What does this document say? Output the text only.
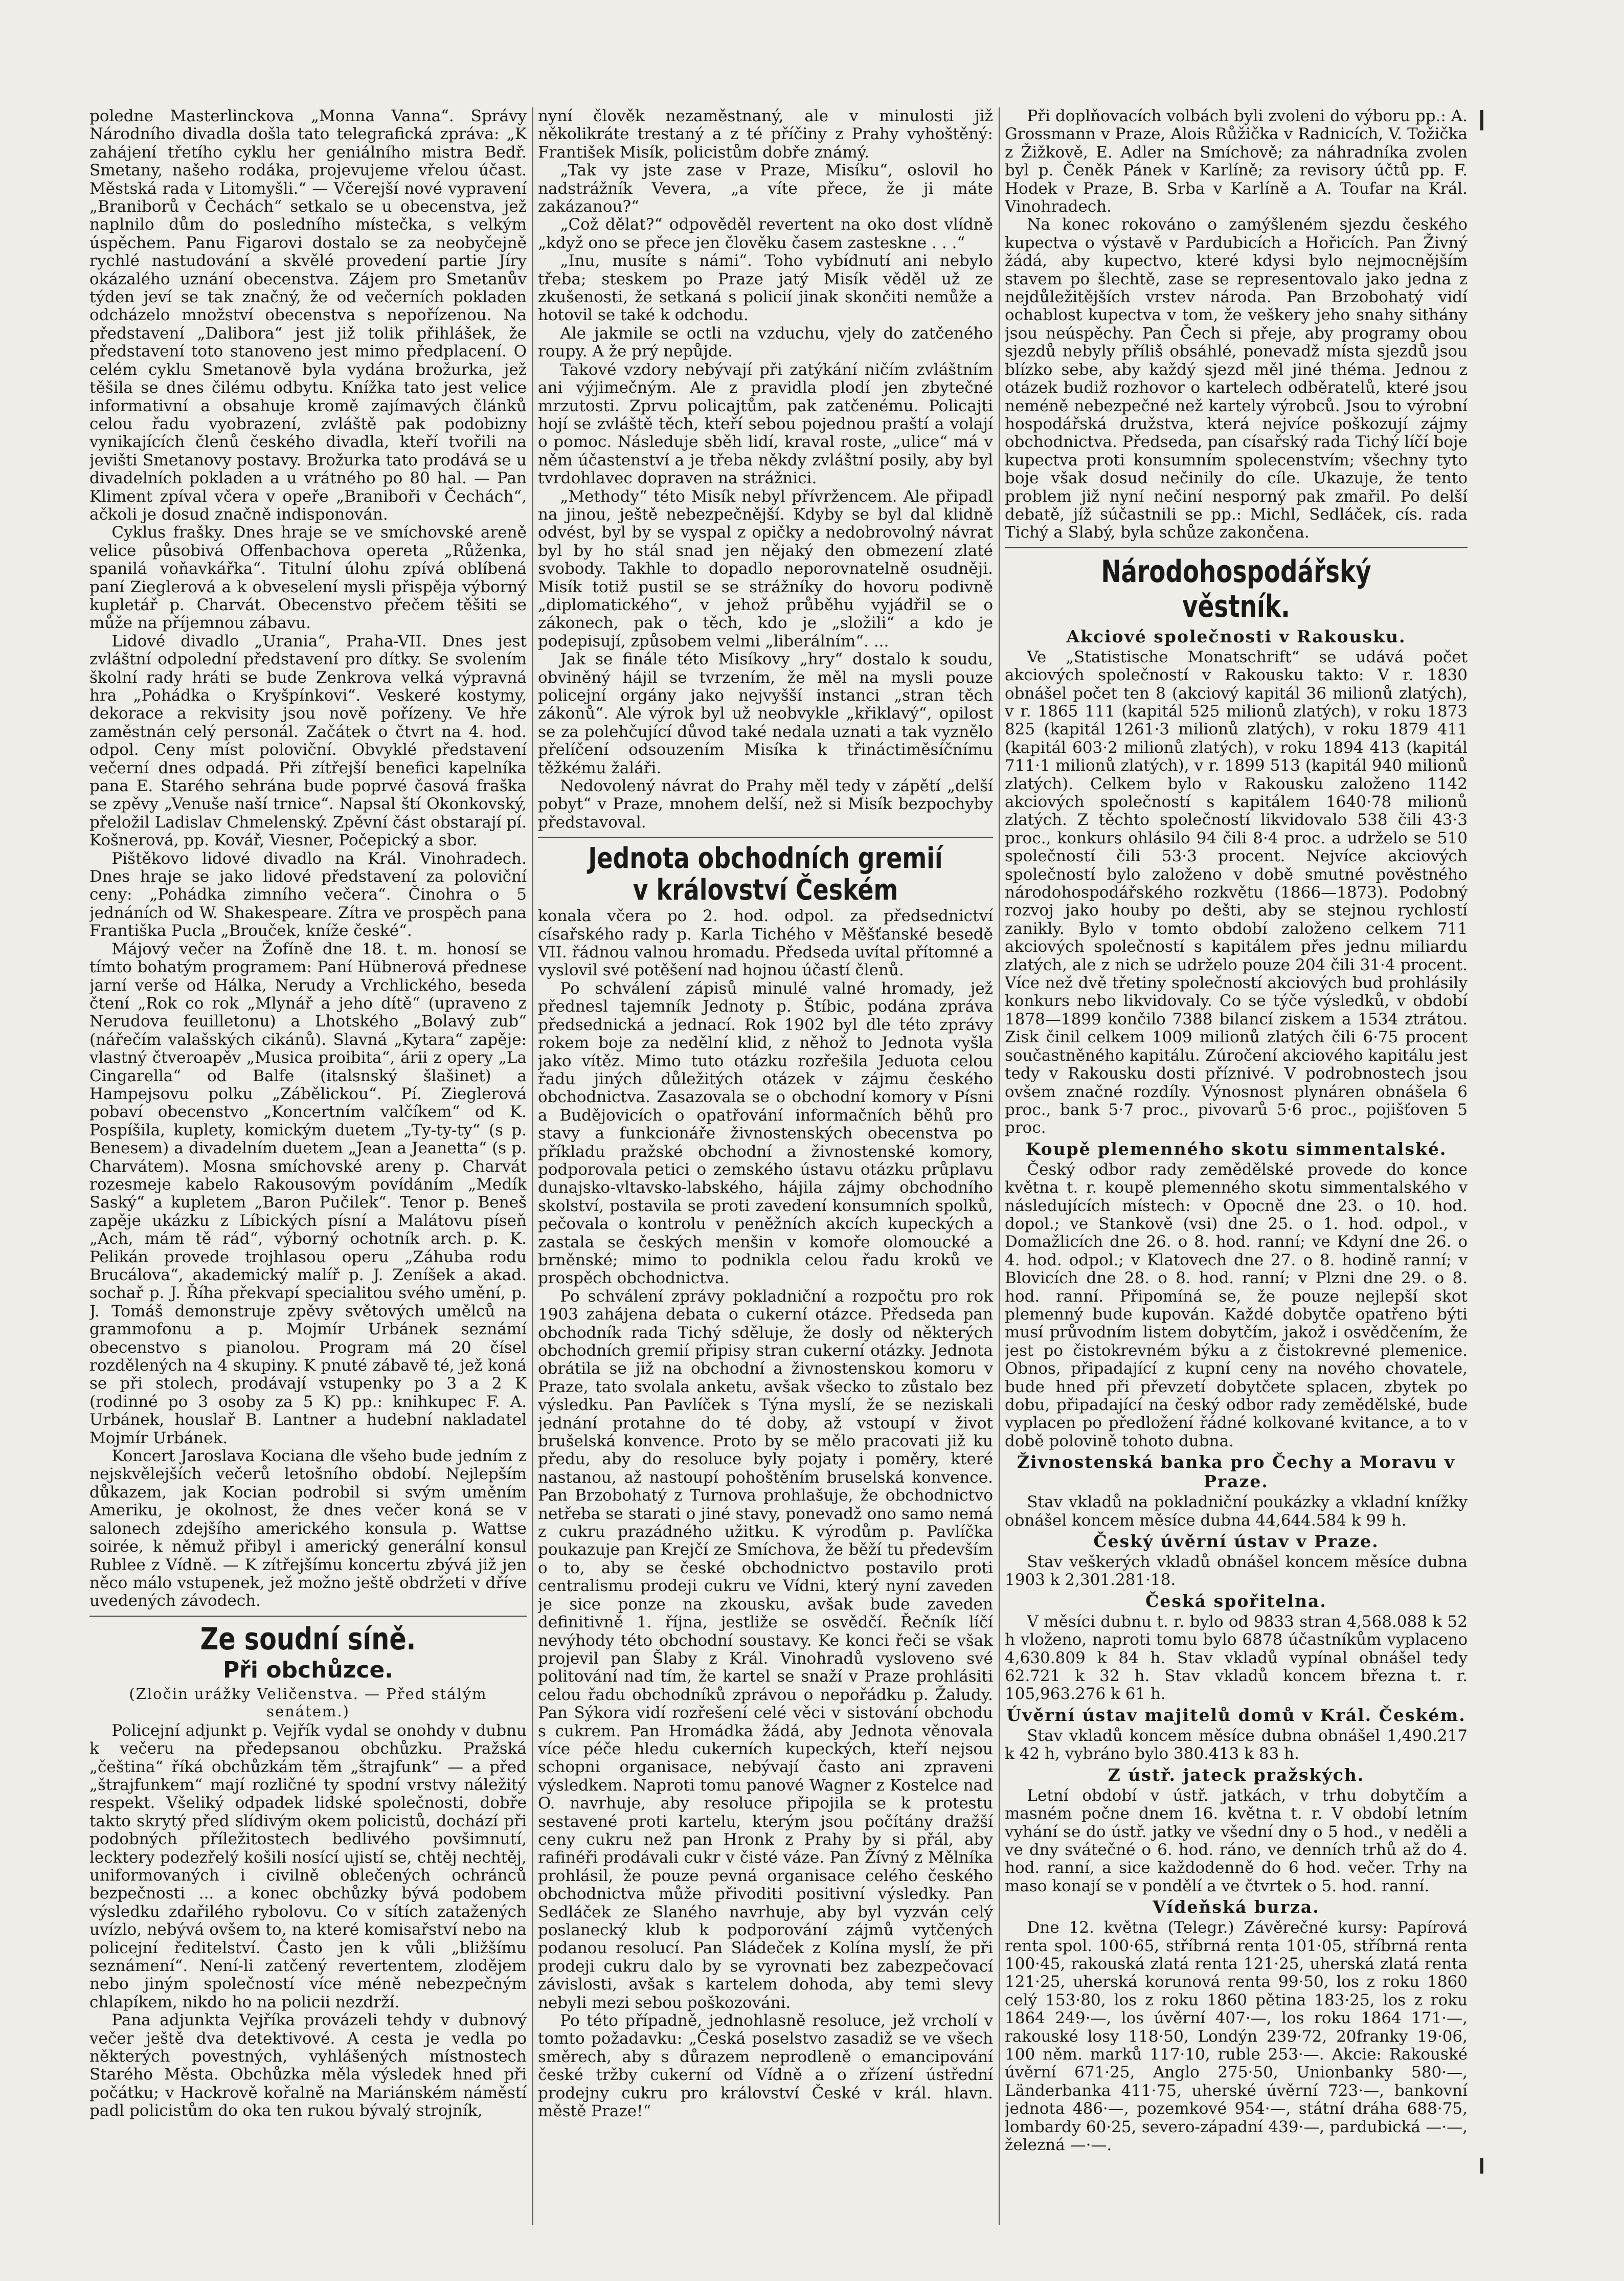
poledne Masterlinckova „Monna Vanna“. Správy Národního divadla došla tato telegrafická zpráva: „K zahájení třetího cyklu her geniálního mistra Bedř. Smetany, našeho rodáka, projevujeme vřelou účast. Městská rada v Litomyšli.“ — Včerejší nové vypravení „Braniborů v Čechách“ setkalo se u obecenstva, jež naplnilo dům do posledního místečka, s velkým úspěchem. Panu Figarovi dostalo se za neobyčejně rychlé nastudování a skvělé provedení partie Jíry okázalého uznání obecenstva. Zájem pro Smetanův týden jeví se tak značný, že od večerních pokladen odcházelo množství obecenstva s nepořízenou. Na představení „Dalibora“ jest již tolik přihlášek, že představení toto stanoveno jest mimo předplacení. O celém cyklu Smetanově byla vydána brožurka, jež těšila se dnes čilému odbytu. Knížka tato jest velice informativní a obsahuje kromě zajímavých článků celou řadu vyobrazení, zvláště pak podobizny vynikajících členů českého divadla, kteří tvořili na jevišti Smetanovy postavy. Brožurka tato prodává se u divadelních pokladen a u vrátného po 80 hal. — Pan Kliment zpíval včera v opeře „Braniboři v Čechách“, ačkoli je dosud značně indisponován.

Cyklus frašky. Dnes hraje se ve smíchovské areně velice působivá Offenbachova opereta „Růženka, spanilá voňavkářka“. Titulní úlohu zpívá oblíbená paní Zieglerová a k obveselení mysli přispěja výborný kupletář p. Charvát. Obecenstvo přečem těšiti se může na příjemnou zábavu.

Lidové divadlo „Urania“, Praha-VII. Dnes jest zvláštní odpolední představení pro dítky. Se svolením školní rady hráti se bude Zenkrova velká výpravná hra „Pohádka o Kryšpínkovi“. Veskeré kostymy, dekorace a rekvisity jsou nově pořízeny. Ve hře zaměstnán celý personál. Začátek o čtvrt na 4. hod. odpol. Ceny míst poloviční. Obvyklé představení večerní dnes odpadá. Při zítřejší benefici kapelníka pana E. Starého sehrána bude poprvé časová fraška se zpěvy „Venuše naší trnice“. Napsal ští Okonkovský, přeložil Ladislav Chmelenský. Zpěvní část obstarají pí. Košnerová, pp. Kovář, Viesner, Počepický a sbor.

Pištěkovo lidové divadlo na Král. Vinohradech. Dnes hraje se jako lidové představení za poloviční ceny: „Pohádka zimního večera“. Činohra o 5 jednáních od W. Shakespeare. Zítra ve prospěch pana Františka Pucla „Brouček, kníže české“.

Májový večer na Žofíně dne 18. t. m. honosí se tímto bohatým programem: Paní Hübnerová přednese jarní verše od Hálka, Nerudy a Vrchlického, beseda čtení „Rok co rok „Mlynář a jeho dítě“ (upraveno z Nerudova feuilletonu) a Lhotského „Bolavý zub“ (nářečím valašských cikánů). Slavná „Kytara“ zapěje: vlastný čtveroapěv „Musica proibita“, árii z opery „La Cingarella“ od Balfe (italsnský šlašinet) a Hampejsovu polku „Zábělickou“. Pí. Zieglerová pobaví obecenstvo „Koncertním valčíkem“ od K. Pospíšila, kuplety, komickým duetem „Ty-ty-ty“ (s p. Benesem) a divadelním duetem „Jean a Jeanetta“ (s p. Charvátem). Mosna smíchovské areny p. Charvát rozesmeje kabelo Rakousovým povídáním „Medík Saský“ a kupletem „Baron Pučilek“. Tenor p. Beneš zapěje ukázku z Líbických písní a Malátovu píseň „Ach, mám tě rád“, výborný ochotník arch. p. K. Pelikán provede trojhlasou operu „Záhuba rodu Brucálova“, akademický malíř p. J. Zeníšek a akad. sochař p. J. Říha překvapí specialitou svého umění, p. J. Tomáš demonstruje zpěvy světových umělců na grammofonu a p. Mojmír Urbánek seznámí obecenstvo s pianolou. Program má 20 čísel rozdělených na 4 skupiny. K pnuté zábavě té, jež koná se při stolech, prodávají vstupenky po 3 a 2 K (rodinné po 3 osoby za 5 K) pp.: knihkupec F. A. Urbánek, houslař B. Lantner a hudební nakladatel Mojmír Urbánek.

Koncert Jaroslava Kociana dle všeho bude jedním z nejskvělejších večerů letošního období. Nejlepším důkazem, jak Kocian podrobil si svým uměním Ameriku, je okolnost, že dnes večer koná se v salonech zdejšího amerického konsula p. Wattse soirée, k němuž přibyl i americký generální konsul Rublee z Vídně. — K zítřejšímu koncertu zbývá již jen něco málo vstupenek, jež možno ještě obdržeti v dříve uvedených závodech.

Ze soudní síně.
Při obchůzce.
(Zločin urážky Veličenstva. — Před stálým senátem.)

Policejní adjunkt p. Vejřík vydal se onohdy v dubnu k večeru na předepsanou obchůzku. Pražská „čeština“ říká obchůzkám těm „štrajfunk“ — a před „štrajfunkem“ mají rozličné ty spodní vrstvy náležitý respekt. Všeliký odpadek lidské společnosti, dobře takto skrytý před slídivým okem policistů, dochází při podobných příležitostech bedlivého povšimnutí, lecktery podezřelý košili nosící ujistí se, chtěj nechtěj, uniformovaných i civilně oblečených ochránců bezpečnosti ... a konec obchůzky bývá podobem výsledku zdařilého rybolovu. Co v sítích zatažených uvízlo, nebývá ovšem to, na které komisařství nebo na policejní ředitelství. Často jen k vůli „bližšímu seznámení“. Není-li zatčený revertentem, zlodějem nebo jiným společností více méně nebezpečným chlapíkem, nikdo ho na policii nezdrží.

Pana adjunkta Vejříka provázeli tehdy v dubnový večer ještě dva detektivové. A cesta je vedla po některých povestných, vyhlášených místnostech Starého Města. Obchůzka měla výsledek hned při počátku; v Hackrově kořalně na Mariánském náměstí padl policistům do oka ten rukou bývalý strojník,

nyní člověk nezaměstnaný, ale v minulosti již několikráte trestaný a z té příčiny z Prahy vyhoštěný: František Misík, policistům dobře známý.

„Tak vy jste zase v Praze, Misíku“, oslovil ho nadstrážník Vevera, „a víte přece, že ji máte zakázanou?“

„Což dělat?“ odpověděl revertent na oko dost vlídně „když ono se přece jen člověku časem zasteskne . . .“

„Inu, musíte s námi“. Toho vybídnutí ani nebylo třeba; steskem po Praze jatý Misík věděl už ze zkušenosti, že setkaná s policií jinak skončiti nemůže a hotovil se také k odchodu.

Ale jakmile se octli na vzduchu, vjely do zatčeného roupy. A že prý nepůjde.

Takové vzdory nebývají při zatýkání ničím zvláštním ani výjimečným. Ale z pravidla plodí jen zbytečné mrzutosti. Zprvu policajtům, pak zatčenému. Policajti hojí se zvláště těch, kteří sebou pojednou praští a volají o pomoc. Následuje sběh lidí, kraval roste, „ulice“ má v něm účastenství a je třeba někdy zvláštní posily, aby byl tvrdohlavec dopraven na strážnici.

„Methody“ této Misík nebyl přívržencem. Ale připadl na jinou, ještě nebezpečnější. Kdyby se byl dal klidně odvést, byl by se vyspal z opičky a nedobrovolný návrat byl by ho stál snad jen nějaký den obmezení zlaté svobody. Takhle to dopadlo neporovnatelně osudněji. Misík totiž pustil se se strážníky do hovoru podivně „diplomatického“, v jehož průběhu vyjádřil se o zákonech, pak o těch, kdo je „složili“ a kdo je podepisují, způsobem velmi „liberálním“. ...

Jak se finále této Misíkovy „hry“ dostalo k soudu, obviněný hájil se tvrzením, že měl na mysli pouze policejní orgány jako nejvyšší instanci „stran těch zákonů“. Ale výrok byl už neobvykle „křiklavý“, opilost se za polehčující důvod také nedala uznati a tak vyznělo přelíčení odsouzením Misíka k třináctiměsíčnímu těžkému žaláři.

Nedovolený návrat do Prahy měl tedy v zápětí „delší pobyt“ v Praze, mnohem delší, než si Misík bezpochyby představoval.

Jednota obchodních gremií v království Českém

konala včera po 2. hod. odpol. za předsednictví císařského rady p. Karla Tichého v Měšťanské besedě VII. řádnou valnou hromadu. Předseda uvítal přítomné a vyslovil své potěšení nad hojnou účastí členů.

Po schválení zápisů minulé valné hromady, jež přednesl tajemník Jednoty p. Štíbic, podána zpráva předsednická a jednací. Rok 1902 byl dle této zprávy rokem boje za nedělní klid, z něhož to Jednota vyšla jako vítěz. Mimo tuto otázku rozřešila Jeduota celou řadu jiných důležitých otázek v zájmu českého obchodnictva. Zasazovala se o obchodní komory v Písni a Budějovicích o opatřování informačních běhů pro stavy a funkcionáře živnostenských obecenstva po příkladu pražské obchodní a živnostenské komory, podporovala petici o zemského ústavu otázku průplavu dunajsko-vltavsko-labského, hájila zájmy obchodního skolství, postavila se proti zavedení konsumních spolků, pečovala o kontrolu v peněžních akcích kupeckých a zastala se českých menšin v komoře olomoucké a brněnské; mimo to podnikla celou řadu kroků ve prospěch obchodnictva.

Po schválení zprávy pokladniční a rozpočtu pro rok 1903 zahájena debata o cukerní otázce. Předseda pan obchodník rada Tichý sděluje, že dosly od některých obchodních gremií připisy stran cukerní otázky. Jednota obrátila se již na obchodní a živnostenskou komoru v Praze, tato svolala anketu, avšak všecko to zůstalo bez výsledku. Pan Pavlíček s Týna myslí, že se neziskali jednání protahne do té doby, až vstoupí v život brušelská konvence. Proto by se mělo pracovati již ku předu, aby do resoluce byly pojaty i poměry, které nastanou, až nastoupí pohoštěním bruselská konvence. Pan Brzobohatý z Turnova prohlašuje, že obchodnictvo netřeba se starati o jiné stavy, ponevadž ono samo nemá z cukru prazádného užitku. K výrodům p. Pavlíčka poukazuje pan Krejčí ze Smíchova, že běží tu především o to, aby se české obchodnictvo postavilo proti centralismu prodeji cukru ve Vídni, který nyní zaveden je sice ponze na zkousku, avšak bude zaveden definitivně 1. října, jestliže se osvědčí. Řečník líčí nevýhody této obchodní soustavy. Ke konci řeči se však projevil pan Šlaby z Král. Vinohradů vysloveno své politování nad tím, že kartel se snaží v Praze prohlásiti celou řadu obchodníků zprávou o nepořádku p. Žaludy. Pan Sýkora vidí rozřešení celé věci v sistování obchodu s cukrem. Pan Hromádka žádá, aby Jednota věnovala více péče hledu cukerních kupeckých, kteří nejsou schopni organisace, nebývají často ani zpraveni výsledkem. Naproti tomu panové Wagner z Kostelce nad O. navrhuje, aby resoluce připojila se k protestu sestavené proti kartelu, kterým jsou počítány dražší ceny cukru než pan Hronk z Prahy by si přál, aby rafinéři prodávali cukr v čisté váze. Pan Žívný z Mělníka prohlásil, že pouze pevná organisace celého českého obchodnictva může přivoditi positivní výsledky. Pan Sedláček ze Slaného navrhuje, aby byl vyzván celý poslanecký klub k podporování zájmů vytčených podanou resolucí. Pan Sládeček z Kolína myslí, že při prodeji cukru dalo by se vyrovnati bez zabezpečovací závislosti, avšak s kartelem dohoda, aby temi slevy nebyli mezi sebou poškozováni.

Po této případně, jednohlasně resoluce, jež vrcholí v tomto požadavku: „Česká poselstvo zasadiž se ve všech směrech, aby s důrazem neprodleně o emancipování české tržby cukerní od Vídně a o zřízení ústřední prodejny cukru pro království České v král. hlavn. městě Praze!“

Při doplňovacích volbách byli zvoleni do výboru pp.: A. Grossmann v Praze, Alois Růžička v Radnicích, V. Tožička z Žižkově, E. Adler na Smíchově; za náhradníka zvolen byl p. Čeněk Pánek v Karlíně; za revisory účtů pp. F. Hodek v Praze, B. Srba v Karlíně a A. Toufar na Král. Vinohradech.

Na konec rokováno o zamýšleném sjezdu českého kupectva o výstavě v Pardubicích a Hořicích. Pan Živný žádá, aby kupectvo, které kdysi bylo nejmocnějším stavem po šlechtě, zase se representovalo jako jedna z nejdůležitějších vrstev národa. Pan Brzobohatý vidí ochablost kupectva v tom, že veškery jeho snahy sithány jsou neúspěchy. Pan Čech si přeje, aby programy obou sjezdů nebyly příliš obsáhlé, ponevadž místa sjezdů jsou blízko sebe, aby každý sjezd měl jiné théma. Jednou z otázek budiž rozhovor o kartelech odběratelů, které jsou neméně nebezpečné než kartely výrobců. Jsou to výrobní hospodářská družstva, která nejvíce poškozují zájmy obchodnictva. Předseda, pan císařský rada Tichý líčí boje kupectva proti konsumním spolecenstvím; všechny tyto boje však dosud nečinily do cíle. Ukazuje, že tento problem již nyní nečiní nesporný pak zmařil. Po delší debatě, jíž súčastnili se pp.: Michl, Sedláček, cís. rada Tichý a Slabý, byla schůze zakončena.

Národohospodářský věstník.
Akciové společnosti v Rakousku.

Ve „Statistische Monatschrift“ se udává počet akciových společností v Rakousku takto: V r. 1830 obnášel počet ten 8 (akciový kapitál 36 milionů zlatých), v r. 1865 111 (kapitál 525 milionů zlatých), v roku 1873 825 (kapitál 1261·3 milionů zlatých), v roku 1879 411 (kapitál 603·2 milionů zlatých), v roku 1894 413 (kapitál 711·1 milionů zlatých), v r. 1899 513 (kapitál 940 milionů zlatých). Celkem bylo v Rakousku založeno 1142 akciových společností s kapitálem 1640·78 milionů zlatých. Z těchto společností likvidovalo 538 čili 43·3 proc., konkurs ohlásilo 94 čili 8·4 proc. a udrželo se 510 společností čili 53·3 procent. Nejvíce akciových společností bylo založeno v době smutné pověstného národohospodářského rozkvětu (1866—1873). Podobný rozvoj jako houby po dešti, aby se stejnou rychlostí zanikly. Bylo v tomto období založeno celkem 711 akciových společností s kapitálem přes jednu miliardu zlatých, ale z nich se udrželo pouze 204 čili 31·4 procent. Více než dvě třetiny společností akciových bud prohlásily konkurs nebo likvidovaly. Co se týče výsledků, v období 1878—1899 končilo 7388 bilancí ziskem a 1534 ztrátou. Zisk činil celkem 1009 milionů zlatých čili 6·75 procent součastněného kapitálu. Zúročení akciového kapitálu jest tedy v Rakousku dosti příznivé. V podrobnostech jsou ovšem značné rozdíly. Výnosnost plynáren obnášela 6 proc., bank 5·7 proc., pivovarů 5·6 proc., pojišťoven 5 proc.

Koupě plemenného skotu simmentalské.

Český odbor rady zemědělské provede do konce května t. r. koupě plemenného skotu simmentalského v následujících místech: v Opocně dne 23. o 10. hod. dopol.; ve Stankově (vsi) dne 25. o 1. hod. odpol., v Domažlicích dne 26. o 8. hod. ranní; ve Kdyní dne 26. o 4. hod. odpol.; v Klatovech dne 27. o 8. hodině ranní; v Blovicích dne 28. o 8. hod. ranní; v Plzni dne 29. o 8. hod. ranní. Připomíná se, že pouze nejlepší skot plemenný bude kupován. Každé dobytče opatřeno býti musí průvodním listem dobytčím, jakož i osvědčením, že jest po čistokrevném býku a z čistokrevné plemenice. Obnos, připadající z kupní ceny na nového chovatele, bude hned při převzetí dobytčete splacen, zbytek po dobu, připadající na český odbor rady zemědělské, bude vyplacen po předložení řádné kolkované kvitance, a to v době polovině tohoto dubna.

Živnostenská banka pro Čechy a Moravu v Praze.

Stav vkladů na pokladniční poukázky a vkladní knížky obnášel koncem měsíce dubna 44,644.584 k 99 h.

Český úvěrní ústav v Praze.

Stav veškerých vkladů obnášel koncem měsíce dubna 1903 k 2,301.281·18.

Česká spořitelna.

V měsíci dubnu t. r. bylo od 9833 stran 4,568.088 k 52 h vloženo, naproti tomu bylo 6878 účastníkům vyplaceno 4,630.809 k 84 h. Stav vkladů vypínal obnášel tedy 62.721 k 32 h. Stav vkladů koncem března t. r. 105,963.276 k 61 h.

Úvěrní ústav majitelů domů v Král. Českém.

Stav vkladů koncem měsíce dubna obnášel 1,490.217 k 42 h, vybráno bylo 380.413 k 83 h.

Z ústř. jateck pražských.

Letní období v ústř. jatkách, v trhu dobytčím a masném počne dnem 16. května t. r. V období letním vyhání se do ústř. jatky ve všední dny o 5 hod., v neděli a ve dny svátečné o 6. hod. ráno, ve denních trhů až do 4. hod. ranní, a sice každodenně do 6 hod. večer. Trhy na maso konají se v pondělí a ve čtvrtek o 5. hod. ranní.

Vídeňská burza.

Dne 12. května (Telegr.) Závěrečné kursy: Papírová renta spol. 100·65, stříbrná renta 101·05, stříbrná renta 100·45, rakouská zlatá renta 121·25, uherská zlatá renta 121·25, uherská korunová renta 99·50, los z roku 1860 celý 153·80, los z roku 1860 pětina 183·25, los z roku 1864 249·—, los úvěrní 407·—, los roku 1864 171·—, rakouské losy 118·50, Londýn 239·72, 20franky 19·06, 100 něm. marků 117·10, ruble 253·—. Akcie: Rakouské úvěrní 671·25, Anglo 275·50, Unionbanky 580·—, Länderbanka 411·75, uherské úvěrní 723·—, bankovní jednota 486·—, pozemkové 954·—, státní dráha 688·75, lombardy 60·25, severo-západní 439·—, pardubická —·—, železná —·—.
